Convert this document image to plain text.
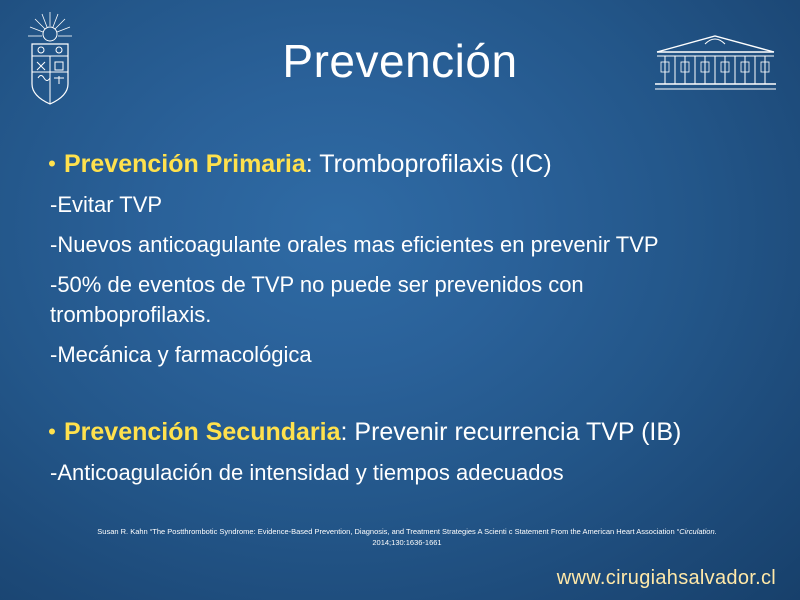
Prevención
• Prevención Primaria: Tromboprofilaxis (IC)
-Evitar TVP
-Nuevos anticoagulante orales mas eficientes en prevenir TVP
-50% de eventos de TVP no puede ser prevenidos con tromboprofilaxis.
-Mecánica y farmacológica
• Prevención Secundaria: Prevenir recurrencia TVP (IB)
-Anticoagulación de intensidad y tiempos adecuados
Susan R. Kahn “The Postthrombotic Syndrome: Evidence-Based Prevention, Diagnosis, and Treatment Strategies A Scienti c Statement From the American Heart Association “Circulation.
2014;130:1636-1661
www.cirugiahsalvador.cl
